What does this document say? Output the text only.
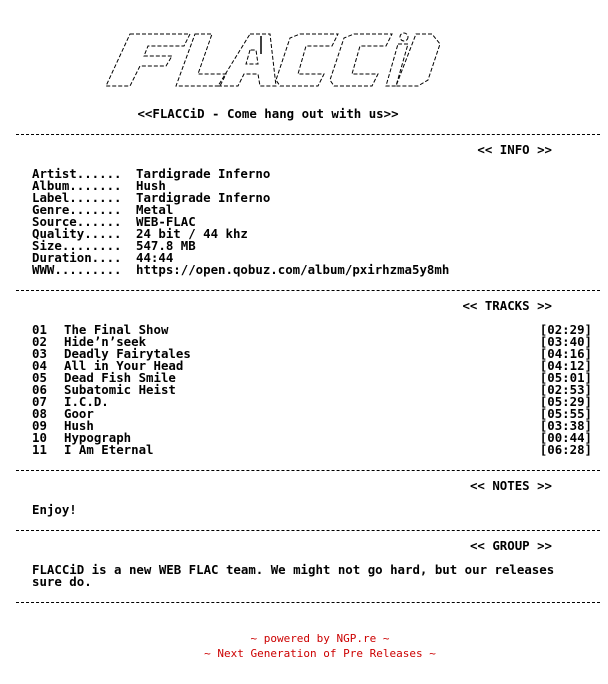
<<FLACCiD - Come hang out with us>>
<< INFO >>
Artist...... Tardigrade Inferno
Album....... Hush
Label....... Tardigrade Inferno
Genre....... Metal
Source...... WEB-FLAC
Quality..... 24 bit / 44 khz
Size........ 547.8 MB
Duration.... 44:44
WWW......... https://open.qobuz.com/album/pxirhzma5y8mh
<< TRACKS >>
01 The Final Show	[02:29]
02 Hide’n’seek	[03:40]
03 Deadly Fairytales	[04:16]
04 All in Your Head	[04:12]
05 Dead Fish Smile	[05:01]
06 Subatomic Heist	[02:53]
07 I.C.D.	[05:29]
08 Goor	[05:55]
09 Hush	[03:38]
10 Hypograph	[00:44]
11 I Am Eternal	[06:28]
<< NOTES >>
Enjoy!
<< GROUP >>
FLACCiD is a new WEB FLAC team. We might not go hard, but our releases
sure do.
~ powered by NGP.re ~
~ Next Generation of Pre Releases ~
